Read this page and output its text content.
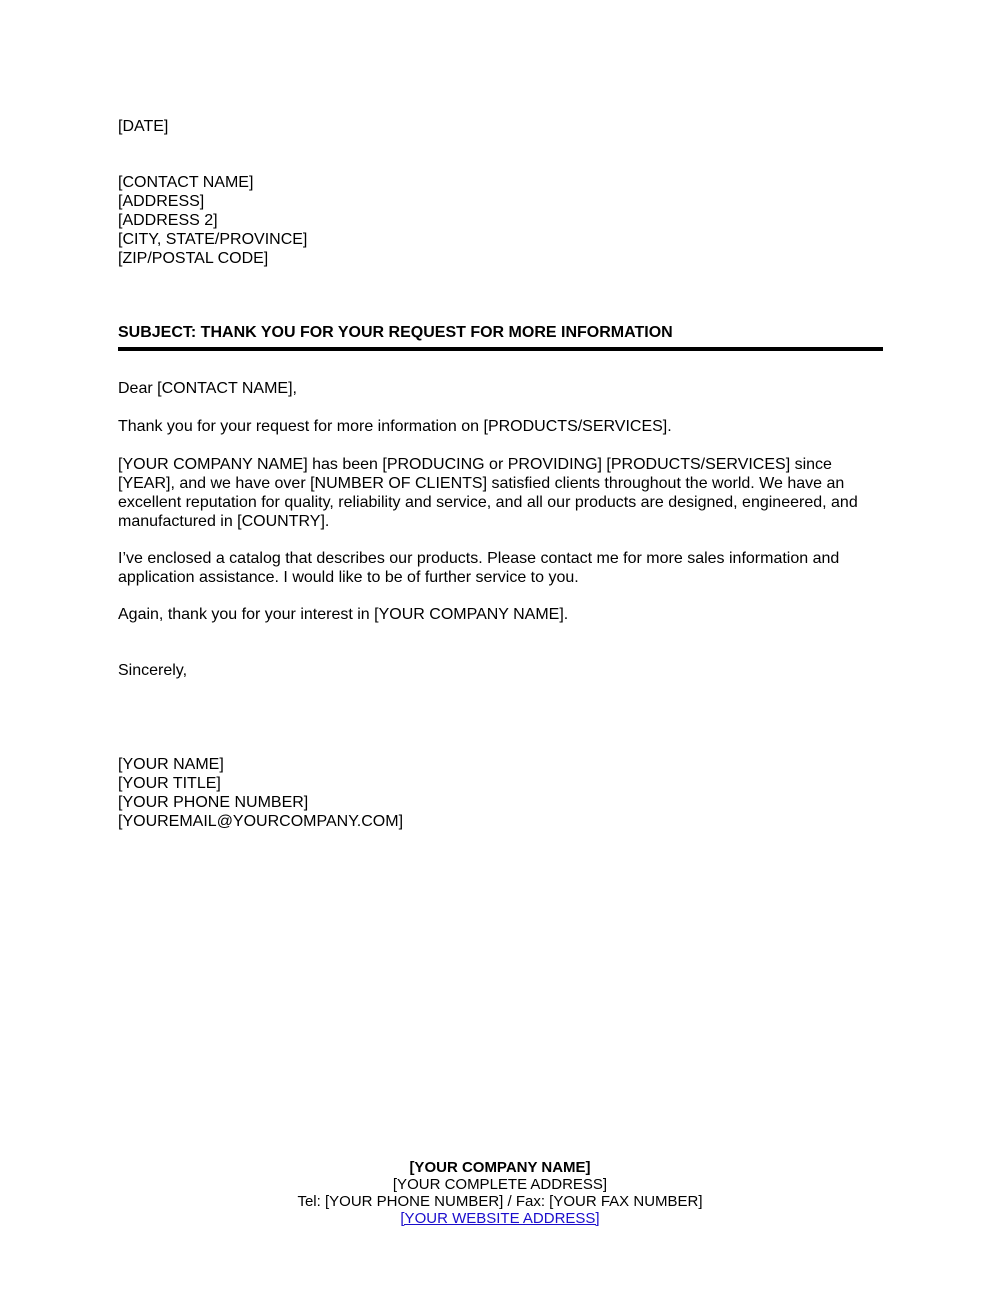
[DATE]
[CONTACT NAME]
[ADDRESS]
[ADDRESS 2]
[CITY, STATE/PROVINCE]
[ZIP/POSTAL CODE]
SUBJECT: THANK YOU FOR YOUR REQUEST FOR MORE INFORMATION
Dear [CONTACT NAME],
Thank you for your request for more information on [PRODUCTS/SERVICES].
[YOUR COMPANY NAME] has been [PRODUCING or PROVIDING] [PRODUCTS/SERVICES] since [YEAR], and we have over [NUMBER OF CLIENTS] satisfied clients throughout the world. We have an excellent reputation for quality, reliability and service, and all our products are designed, engineered, and manufactured in [COUNTRY].
I’ve enclosed a catalog that describes our products. Please contact me for more sales information and application assistance. I would like to be of further service to you.
Again, thank you for your interest in [YOUR COMPANY NAME].
Sincerely,
[YOUR NAME]
[YOUR TITLE]
[YOUR PHONE NUMBER]
[YOUREMAIL@YOURCOMPANY.COM]
[YOUR COMPANY NAME]
[YOUR COMPLETE ADDRESS]
Tel: [YOUR PHONE NUMBER] / Fax: [YOUR FAX NUMBER]
[YOUR WEBSITE ADDRESS]
